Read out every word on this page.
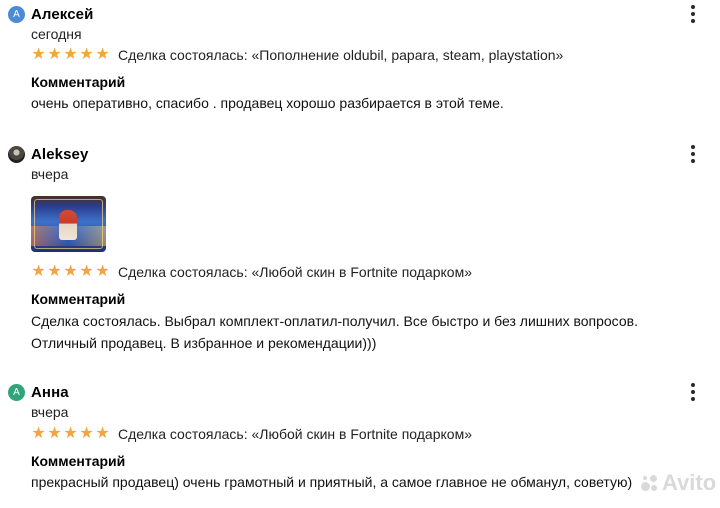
A Алексей
сегодня
★ ★ ★ ★ ★ Сделка состоялась: «Пополнение oldubil, papara, steam, playstation»
Комментарий
очень оперативно, спасибо . продавец хорошо разбирается в этой теме.
Aleksey
вчера
★ ★ ★ ★ ★ Сделка состоялась: «Любой скин в Fortnite подарком»
Комментарий
Сделка состоялась. Выбрал комплект-оплатил-получил. Все быстро и без лишних вопросов.
Отличный продавец. В избранное и рекомендации)))
A Анна
вчера
★ ★ ★ ★ ★ Сделка состоялась: «Любой скин в Fortnite подарком»
Комментарий
прекрасный продавец) очень грамотный и приятный, а самое главное не обманул, советую)	Avito
